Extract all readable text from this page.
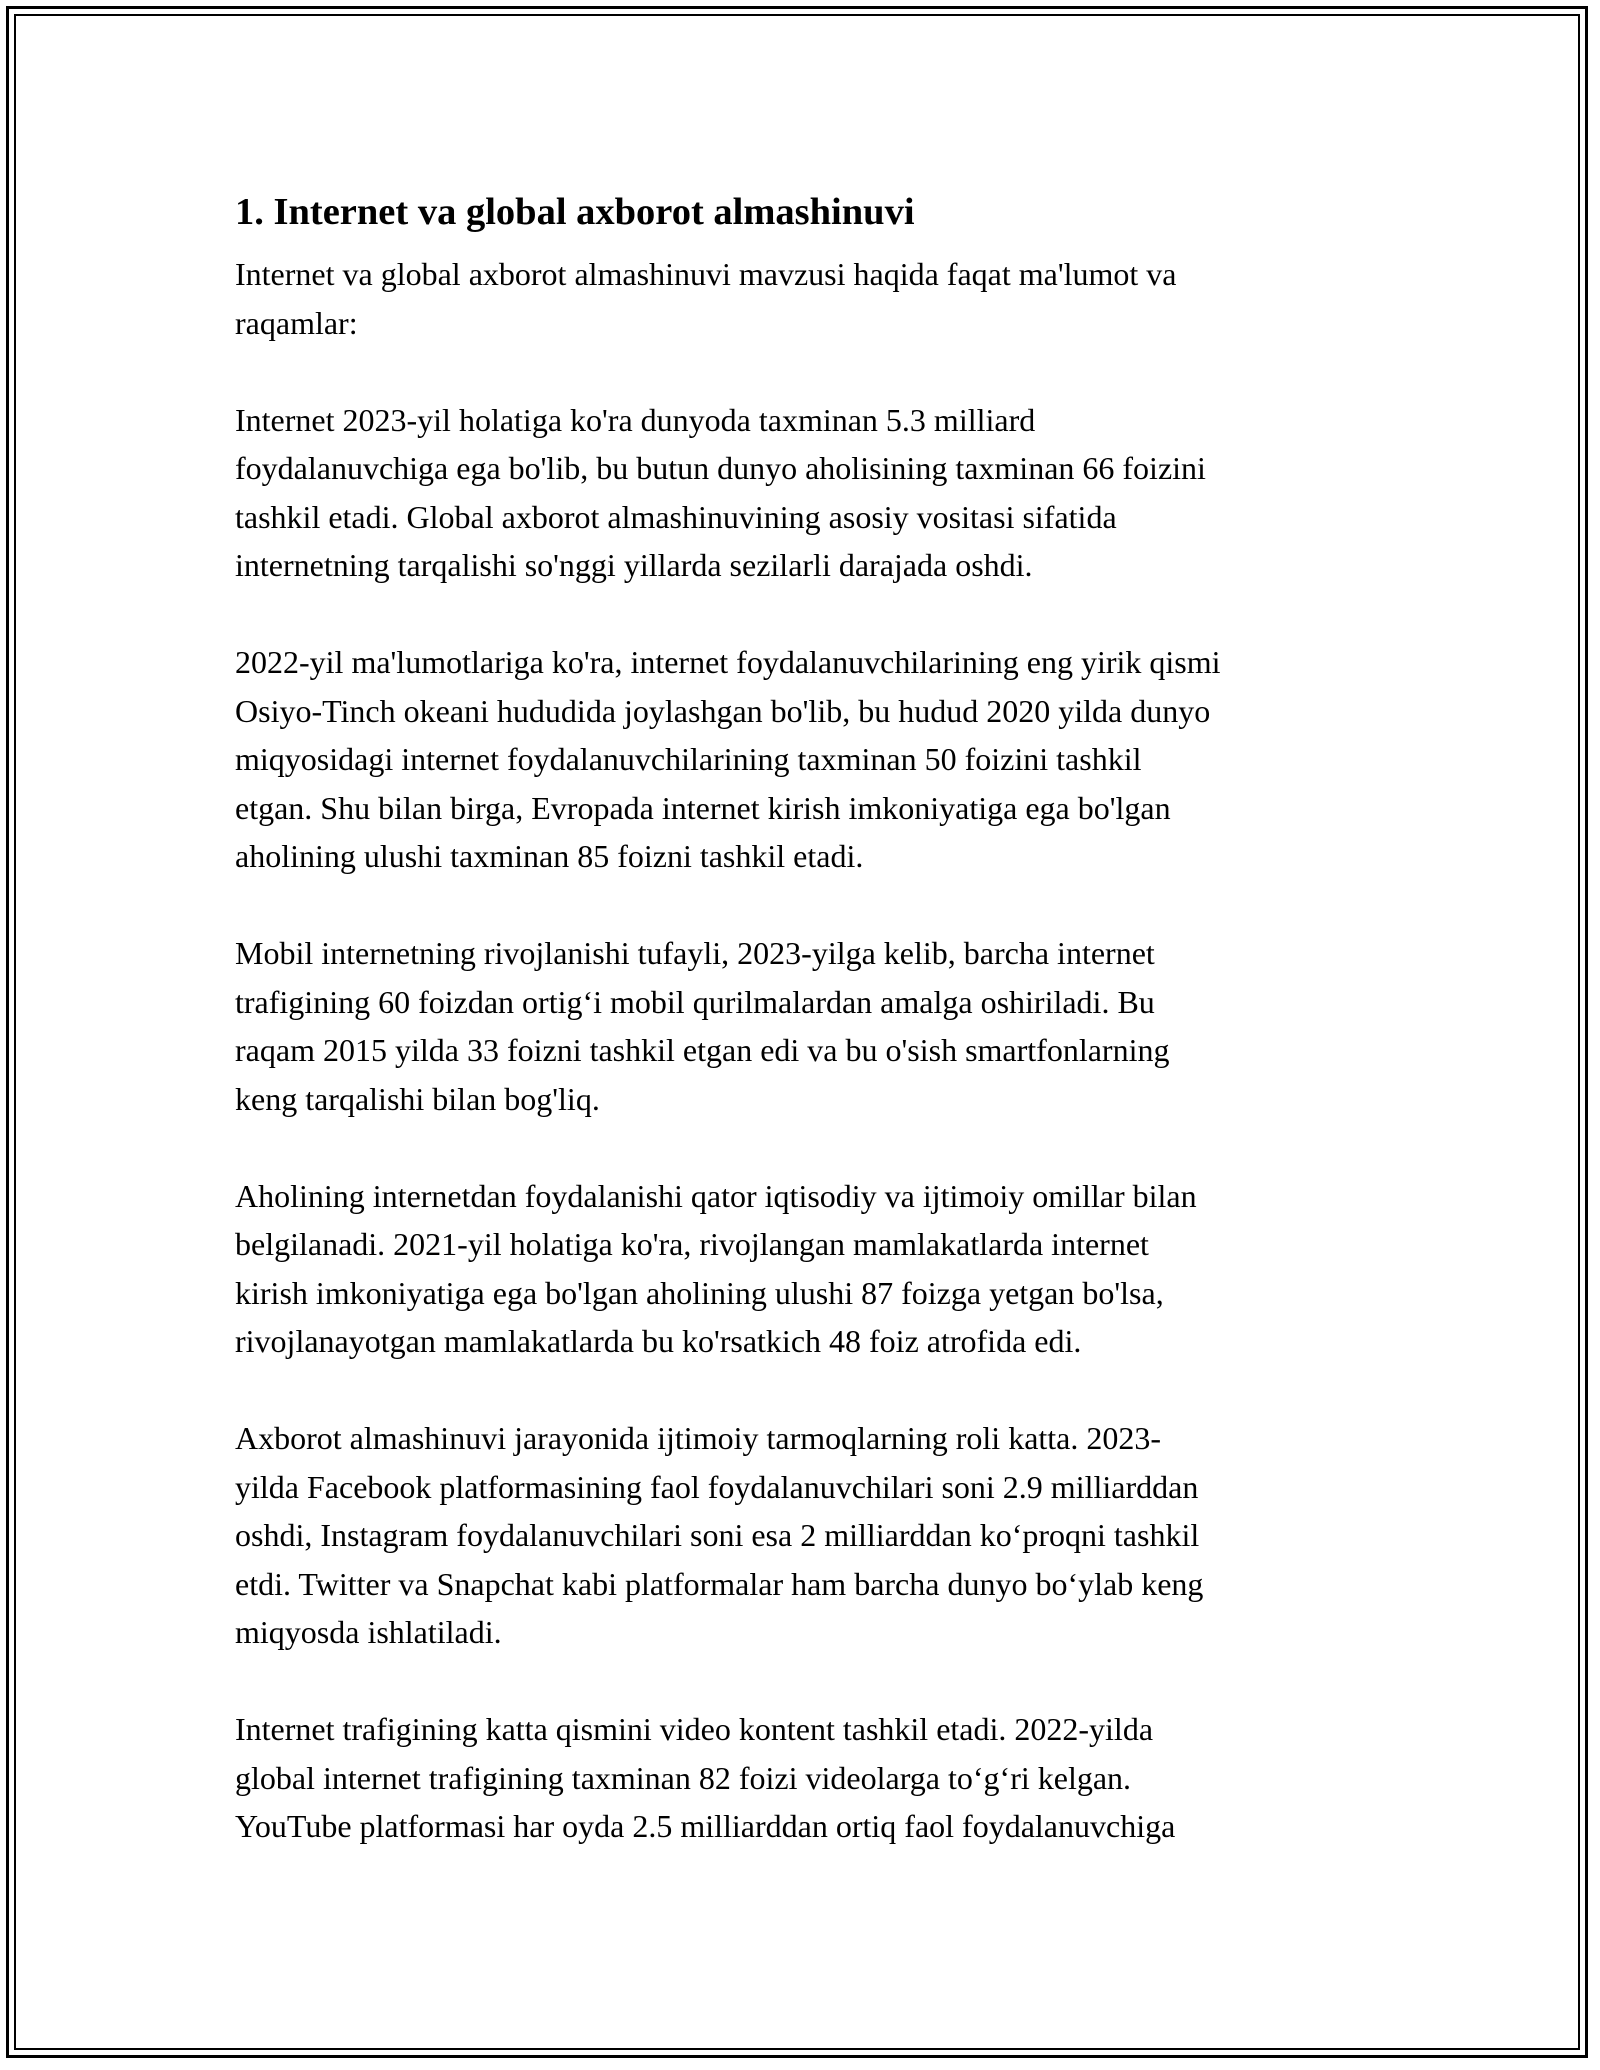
1. Internet va global axborot almashinuvi

Internet va global axborot almashinuvi mavzusi haqida faqat ma'lumot va
raqamlar:

Internet 2023-yil holatiga ko'ra dunyoda taxminan 5.3 milliard
foydalanuvchiga ega bo'lib, bu butun dunyo aholisining taxminan 66 foizini
tashkil etadi. Global axborot almashinuvining asosiy vositasi sifatida
internetning tarqalishi so'nggi yillarda sezilarli darajada oshdi.

2022-yil ma'lumotlariga ko'ra, internet foydalanuvchilarining eng yirik qismi
Osiyo-Tinch okeani hududida joylashgan bo'lib, bu hudud 2020 yilda dunyo
miqyosidagi internet foydalanuvchilarining taxminan 50 foizini tashkil
etgan. Shu bilan birga, Evropada internet kirish imkoniyatiga ega bo'lgan
aholining ulushi taxminan 85 foizni tashkil etadi.

Mobil internetning rivojlanishi tufayli, 2023-yilga kelib, barcha internet
trafigining 60 foizdan ortig‘i mobil qurilmalardan amalga oshiriladi. Bu
raqam 2015 yilda 33 foizni tashkil etgan edi va bu o'sish smartfonlarning
keng tarqalishi bilan bog'liq.

Aholining internetdan foydalanishi qator iqtisodiy va ijtimoiy omillar bilan
belgilanadi. 2021-yil holatiga ko'ra, rivojlangan mamlakatlarda internet
kirish imkoniyatiga ega bo'lgan aholining ulushi 87 foizga yetgan bo'lsa,
rivojlanayotgan mamlakatlarda bu ko'rsatkich 48 foiz atrofida edi.

Axborot almashinuvi jarayonida ijtimoiy tarmoqlarning roli katta. 2023-
yilda Facebook platformasining faol foydalanuvchilari soni 2.9 milliarddan
oshdi, Instagram foydalanuvchilari soni esa 2 milliarddan ko‘proqni tashkil
etdi. Twitter va Snapchat kabi platformalar ham barcha dunyo bo‘ylab keng
miqyosda ishlatiladi.

Internet trafigining katta qismini video kontent tashkil etadi. 2022-yilda
global internet trafigining taxminan 82 foizi videolarga to‘g‘ri kelgan.
YouTube platformasi har oyda 2.5 milliarddan ortiq faol foydalanuvchiga
